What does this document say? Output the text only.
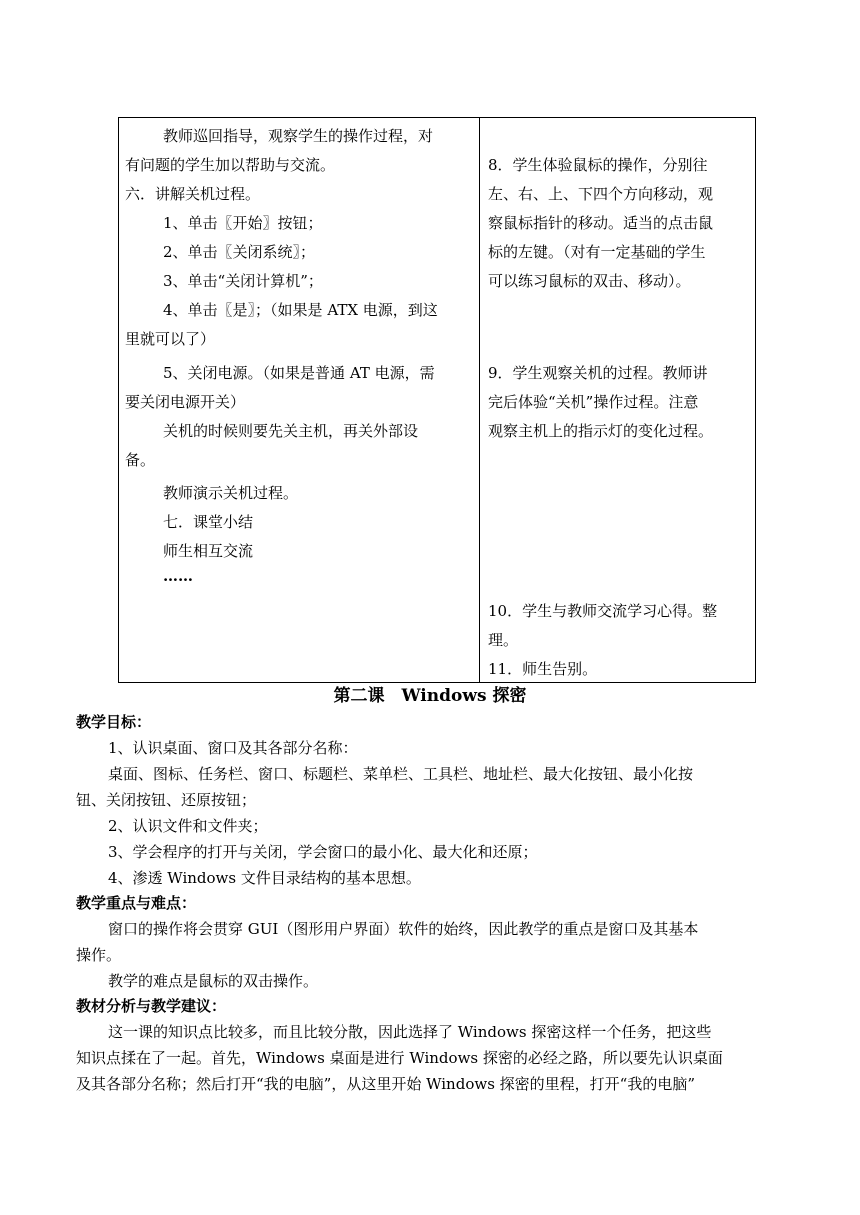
教师巡回指导，观察学生的操作过程，对
有问题的学生加以帮助与交流。
六．讲解关机过程。
1、单击〖开始〗按钮；
2、单击〖关闭系统〗；
3、单击“关闭计算机”；
4、单击〖是〗；（如果是 ATX 电源，到这
里就可以了）
5、关闭电源。（如果是普通 AT 电源，需
要关闭电源开关）
关机的时候则要先关主机，再关外部设
备。
教师演示关机过程。
七．课堂小结
师生相互交流
……
8．学生体验鼠标的操作，分别往
左、右、上、下四个方向移动，观
察鼠标指针的移动。适当的点击鼠
标的左键。（对有一定基础的学生
可以练习鼠标的双击、移动）。
9．学生观察关机的过程。教师讲
完后体验“关机”操作过程。注意
观察主机上的指示灯的变化过程。
10．学生与教师交流学习心得。整
理。
11．师生告别。
第二课　Windows 探密
教学目标：
1、认识桌面、窗口及其各部分名称：
桌面、图标、任务栏、窗口、标题栏、菜单栏、工具栏、地址栏、最大化按钮、最小化按
钮、关闭按钮、还原按钮；
2、认识文件和文件夹；
3、学会程序的打开与关闭，学会窗口的最小化、最大化和还原；
4、渗透 Windows 文件目录结构的基本思想。
教学重点与难点：
窗口的操作将会贯穿 GUI（图形用户界面）软件的始终，因此教学的重点是窗口及其基本
操作。
教学的难点是鼠标的双击操作。
教材分析与教学建议：
这一课的知识点比较多，而且比较分散，因此选择了 Windows 探密这样一个任务，把这些
知识点揉在了一起。首先，Windows 桌面是进行 Windows 探密的必经之路，所以要先认识桌面
及其各部分名称；然后打开“我的电脑”，从这里开始 Windows 探密的里程，打开“我的电脑”
